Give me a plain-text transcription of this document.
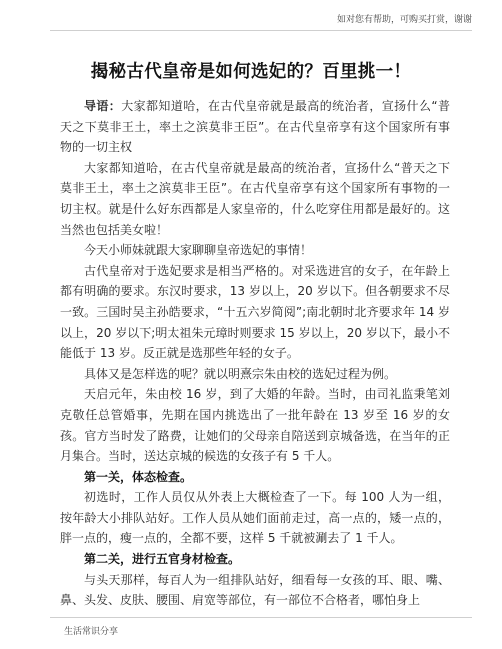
如对您有帮助，可购买打赏，谢谢
揭秘古代皇帝是如何选妃的？百里挑一！

导语：大家都知道哈，在古代皇帝就是最高的统治者，宣扬什么“普天之下莫非王土，率土之滨莫非王臣”。在古代皇帝享有这个国家所有事物的一切主权

大家都知道哈，在古代皇帝就是最高的统治者，宣扬什么“普天之下莫非王土，率土之滨莫非王臣”。在古代皇帝享有这个国家所有事物的一切主权。就是什么好东西都是人家皇帝的，什么吃穿住用都是最好的。这当然也包括美女啦！

今天小师妹就跟大家聊聊皇帝选妃的事情！

古代皇帝对于选妃要求是相当严格的。对采选进宫的女子，在年龄上都有明确的要求。东汉时要求，13 岁以上，20 岁以下。但各朝要求不尽一致。三国时吴主孙皓要求，“十五六岁简阅”;南北朝时北齐要求年 14 岁以上，20 岁以下;明太祖朱元璋时则要求 15 岁以上，20 岁以下，最小不能低于 13 岁。反正就是选那些年轻的女子。

具体又是怎样选的呢？就以明熹宗朱由校的选妃过程为例。

天启元年，朱由校 16 岁，到了大婚的年龄。当时，由司礼监秉笔刘克敬任总管婚事，先期在国内挑选出了一批年龄在 13 岁至 16 岁的女孩。官方当时发了路费，让她们的父母亲自陪送到京城备选，在当年的正月集合。当时，送达京城的候选的女孩子有 5 千人。

第一关，体态检查。

初选时，工作人员仅从外表上大概检查了一下。每 100 人为一组，按年龄大小排队站好。工作人员从她们面前走过，高一点的，矮一点的，胖一点的，瘦一点的，全都不要，这样 5 千就被涮去了 1 千人。

第二关，进行五官身材检查。

与头天那样，每百人为一组排队站好，细看每一女孩的耳、眼、嘴、鼻、头发、皮肤、腰围、肩宽等部位，有一部位不合格者，哪怕身上

生活常识分享
